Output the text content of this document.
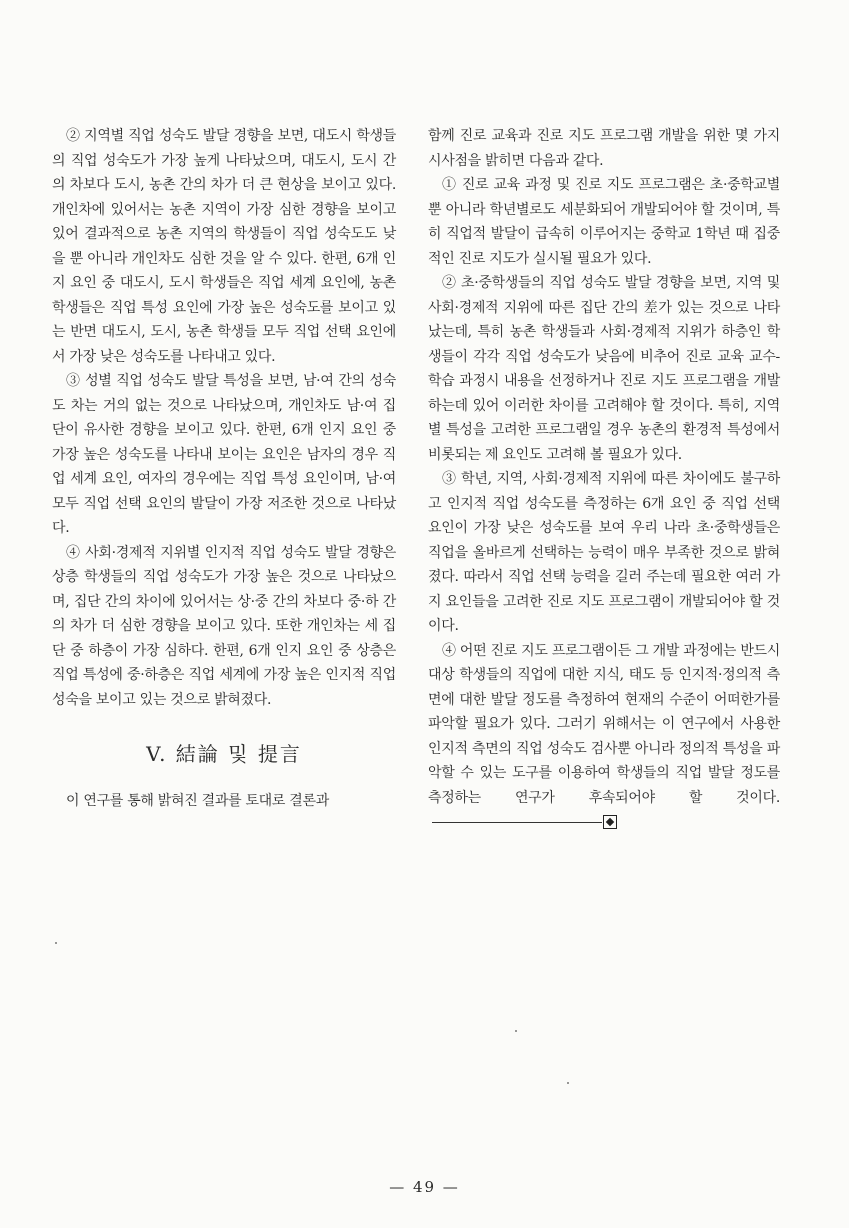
② 지역별 직업 성숙도 발달 경향을 보면, 대도시 학생들의 직업 성숙도가 가장 높게 나타났으며, 대도시, 도시 간의 차보다 도시, 농촌 간의 차가 더 큰 현상을 보이고 있다. 개인차에 있어서는 농촌 지역이 가장 심한 경향을 보이고 있어 결과적으로 농촌 지역의 학생들이 직업 성숙도도 낮을 뿐 아니라 개인차도 심한 것을 알 수 있다. 한편, 6개 인지 요인 중 대도시, 도시 학생들은 직업 세계 요인에, 농촌 학생들은 직업 특성 요인에 가장 높은 성숙도를 보이고 있는 반면 대도시, 도시, 농촌 학생들 모두 직업 선택 요인에서 가장 낮은 성숙도를 나타내고 있다.

③ 성별 직업 성숙도 발달 특성을 보면, 남·여 간의 성숙도 차는 거의 없는 것으로 나타났으며, 개인차도 남·여 집단이 유사한 경향을 보이고 있다. 한편, 6개 인지 요인 중 가장 높은 성숙도를 나타내 보이는 요인은 남자의 경우 직업 세계 요인, 여자의 경우에는 직업 특성 요인이며, 남·여 모두 직업 선택 요인의 발달이 가장 저조한 것으로 나타났다.

④ 사회·경제적 지위별 인지적 직업 성숙도 발달 경향은 상층 학생들의 직업 성숙도가 가장 높은 것으로 나타났으며, 집단 간의 차이에 있어서는 상·중 간의 차보다 중·하 간의 차가 더 심한 경향을 보이고 있다. 또한 개인차는 세 집단 중 하층이 가장 심하다. 한편, 6개 인지 요인 중 상층은 직업 특성에 중·하층은 직업 세계에 가장 높은 인지적 직업 성숙을 보이고 있는 것으로 밝혀졌다.

V. 結論 및 提言

이 연구를 통해 밝혀진 결과를 토대로 결론과

함께 진로 교육과 진로 지도 프로그램 개발을 위한 몇 가지 시사점을 밝히면 다음과 같다.

① 진로 교육 과정 및 진로 지도 프로그램은 초·중학교별 뿐 아니라 학년별로도 세분화되어 개발되어야 할 것이며, 특히 직업적 발달이 급속히 이루어지는 중학교 1학년 때 집중적인 진로 지도가 실시될 필요가 있다.

② 초·중학생들의 직업 성숙도 발달 경향을 보면, 지역 및 사회·경제적 지위에 따른 집단 간의 差가 있는 것으로 나타났는데, 특히 농촌 학생들과 사회·경제적 지위가 하층인 학생들이 각각 직업 성숙도가 낮음에 비추어 진로 교육 교수-학습 과정시 내용을 선정하거나 진로 지도 프로그램을 개발하는데 있어 이러한 차이를 고려해야 할 것이다. 특히, 지역별 특성을 고려한 프로그램일 경우 농촌의 환경적 특성에서 비롯되는 제 요인도 고려해 볼 필요가 있다.

③ 학년, 지역, 사회·경제적 지위에 따른 차이에도 불구하고 인지적 직업 성숙도를 측정하는 6개 요인 중 직업 선택 요인이 가장 낮은 성숙도를 보여 우리 나라 초·중학생들은 직업을 올바르게 선택하는 능력이 매우 부족한 것으로 밝혀졌다. 따라서 직업 선택 능력을 길러 주는데 필요한 여러 가지 요인들을 고려한 진로 지도 프로그램이 개발되어야 할 것이다.

④ 어떤 진로 지도 프로그램이든 그 개발 과정에는 반드시 대상 학생들의 직업에 대한 지식, 태도 등 인지적·정의적 측면에 대한 발달 정도를 측정하여 현재의 수준이 어떠한가를 파악할 필요가 있다. 그러기 위해서는 이 연구에서 사용한 인지적 측면의 직업 성숙도 검사뿐 아니라 정의적 특성을 파악할 수 있는 도구를 이용하여 학생들의 직업 발달 정도를 측정하는 연구가 후속되어야 할 것이다.

— 49 —
